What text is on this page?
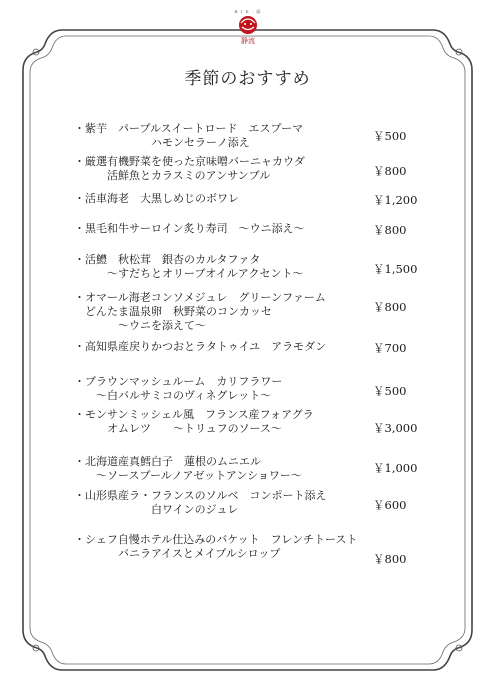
B I E · 邸
静流
季節のおすすめ
・紫芋　パープルスイートロード　エスプーマ
　　　　　　　ハモンセラーノ添え	￥500
・厳選有機野菜を使った京味噌バーニャカウダ
　　　活鮮魚とカラスミのアンサンブル	￥800
・活車海老　大黒しめじのボワレ	￥1,200
・黒毛和牛サーロイン炙り寿司　～ウニ添え～	￥800
・活鱧　秋松茸　銀杏のカルタファタ
　　　～すだちとオリーブオイルアクセント～	￥1,500
・オマール海老コンソメジュレ　グリーンファーム
　どんたま温泉卵　秋野菜のコンカッセ
　　　　～ウニを添えて～
￥800
・高知県産戻りかつおとラタトゥイユ　アラモダン	￥700
・ブラウンマッシュルーム　カリフラワー
　　～白バルサミコのヴィネグレット～	￥500
・モンサンミッシェル風　フランス産フォアグラ
　　　オムレツ　　～トリュフのソース～	￥3,000
・北海道産真鱈白子　蓮根のムニエル
　　～ソースブールノアゼットアンショワー～
￥1,000
・山形県産ラ・フランスのソルベ　コンポート添え
　　　　　　　白ワインのジュレ	￥600
・シェフ自慢ホテル仕込みのバケット　フレンチトースト
　　　　バニラアイスとメイプルシロップ	￥800
